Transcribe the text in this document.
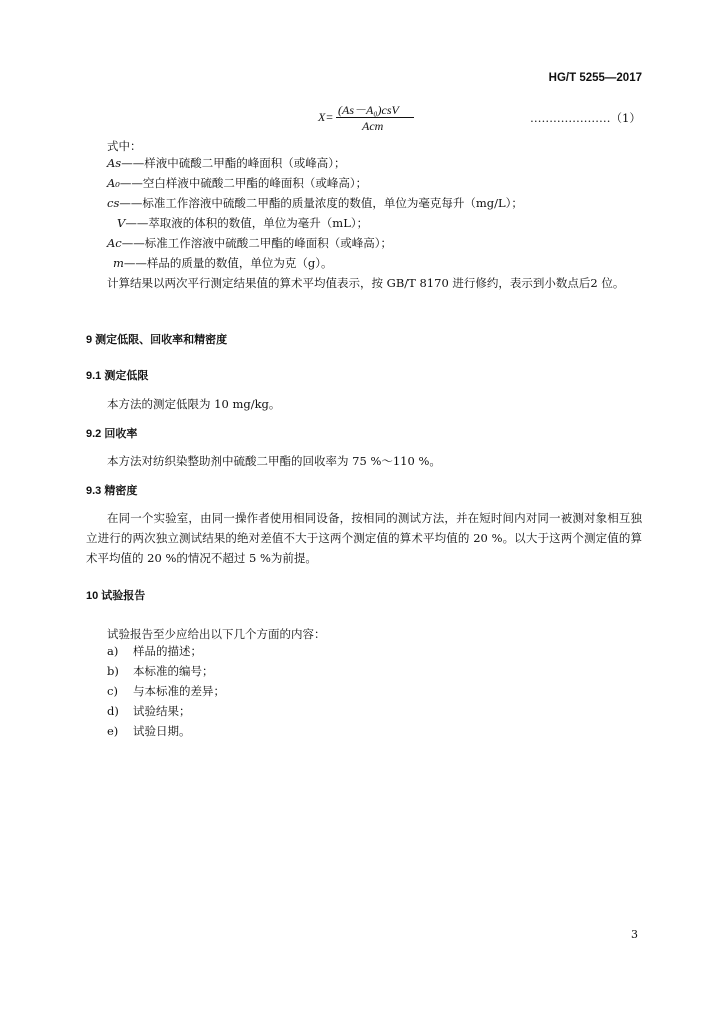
HG/T 5255—2017
X= (As－A₀)csV
Acm
…………………（1）
式中：
As——样液中硫酸二甲酯的峰面积（或峰高）；
A₀——空白样液中硫酸二甲酯的峰面积（或峰高）；
cs——标准工作溶液中硫酸二甲酯的质量浓度的数值，单位为毫克每升（mg/L）；
V——萃取液的体积的数值，单位为毫升（mL）；
Ac——标准工作溶液中硫酸二甲酯的峰面积（或峰高）；
m——样品的质量的数值，单位为克（g）。
计算结果以两次平行测定结果值的算术平均值表示，按 GB/T 8170 进行修约，表示到小数点后2 位。
9 测定低限、回收率和精密度
9.1 测定低限
本方法的测定低限为 10 mg/kg。
9.2 回收率
本方法对纺织染整助剂中硫酸二甲酯的回收率为 75 %～110 %。
9.3 精密度
在同一个实验室，由同一操作者使用相同设备，按相同的测试方法，并在短时间内对同一被测对象相互独立进行的两次独立测试结果的绝对差值不大于这两个测定值的算术平均值的 20 %。以大于这两个测定值的算术平均值的 20 %的情况不超过 5 %为前提。
10 试验报告
试验报告至少应给出以下几个方面的内容：
a) 样品的描述；
b) 本标准的编号；
c) 与本标准的差异；
d) 试验结果；
e) 试验日期。
3
